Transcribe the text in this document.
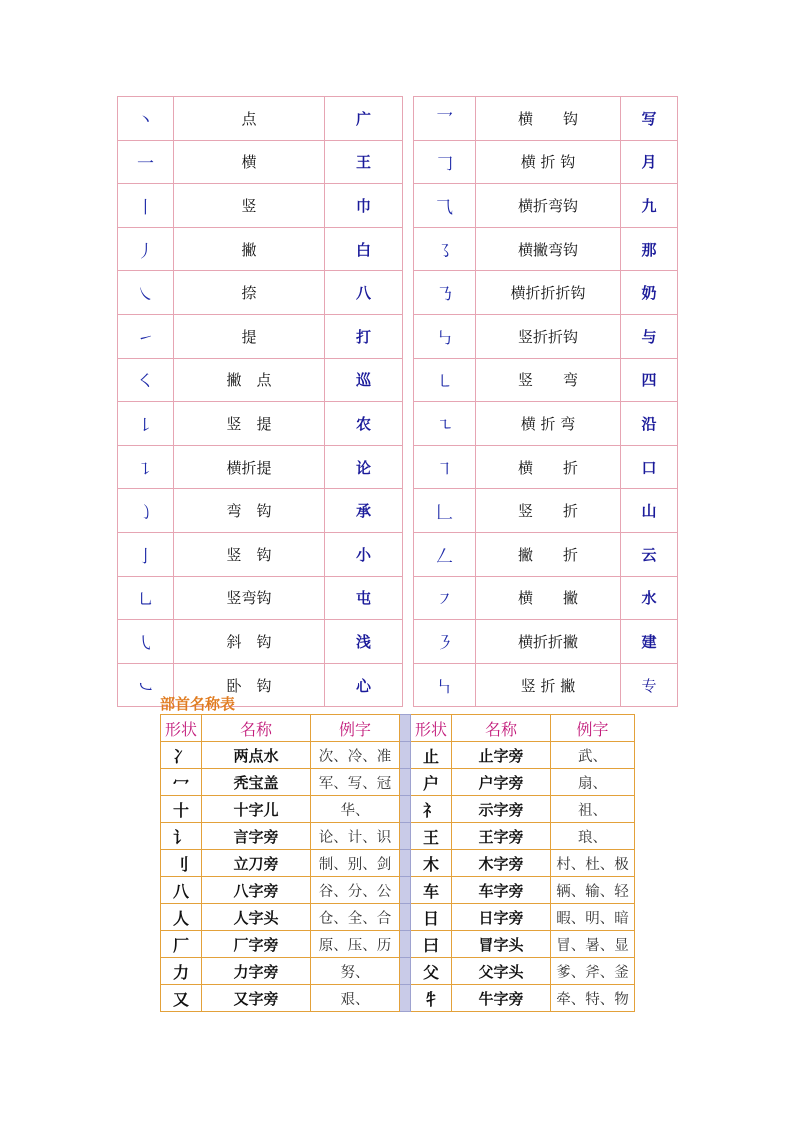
丶	点	广		乛	横　　钩	写
一	横	王		𠃌	横 折 钩	月
丨	竖	巾		⺄	横折弯钩	九
丿	撇	白		㇌	横撇弯钩	那
㇏	捺	八		㇡	横折折折钩	奶
㇀	提	打		㇉	竖折折钩	与
㇛	撇　点	巡		㇄	竖　　弯	四
㇙	竖　提	农		㇍	横 折 弯	沿
㇊	横折提	论		㇕	横　　折	口
㇁	弯　钩	承		𠃊	竖　　折	山
亅	竖　钩	小		𠃋	撇　　折	云
㇟	竖弯钩	屯		㇇	横　　撇	水
㇂	斜　钩	浅		㇋	横折折撇	建
㇃	卧　钩	心		㇞	竖 折 撇	专
部首名称表
形状	名称	例字		形状	名称	例字
冫	两点水	次、冷、准		止	止字旁	武、
冖	秃宝盖	军、写、冠		户	户字旁	扇、
十	十字儿	华、		礻	示字旁	祖、
讠	言字旁	论、计、识		王	王字旁	琅、
刂	立刀旁	制、别、剑		木	木字旁	村、杜、极
八	八字旁	谷、分、公		车	车字旁	辆、输、轻
人	人字头	仓、全、合		日	日字旁	暇、明、暗
厂	厂字旁	原、压、历		曰	冒字头	冒、暑、显
力	力字旁	努、		父	父字头	爹、斧、釜
又	又字旁	艰、		牜	牛字旁	牵、特、物
